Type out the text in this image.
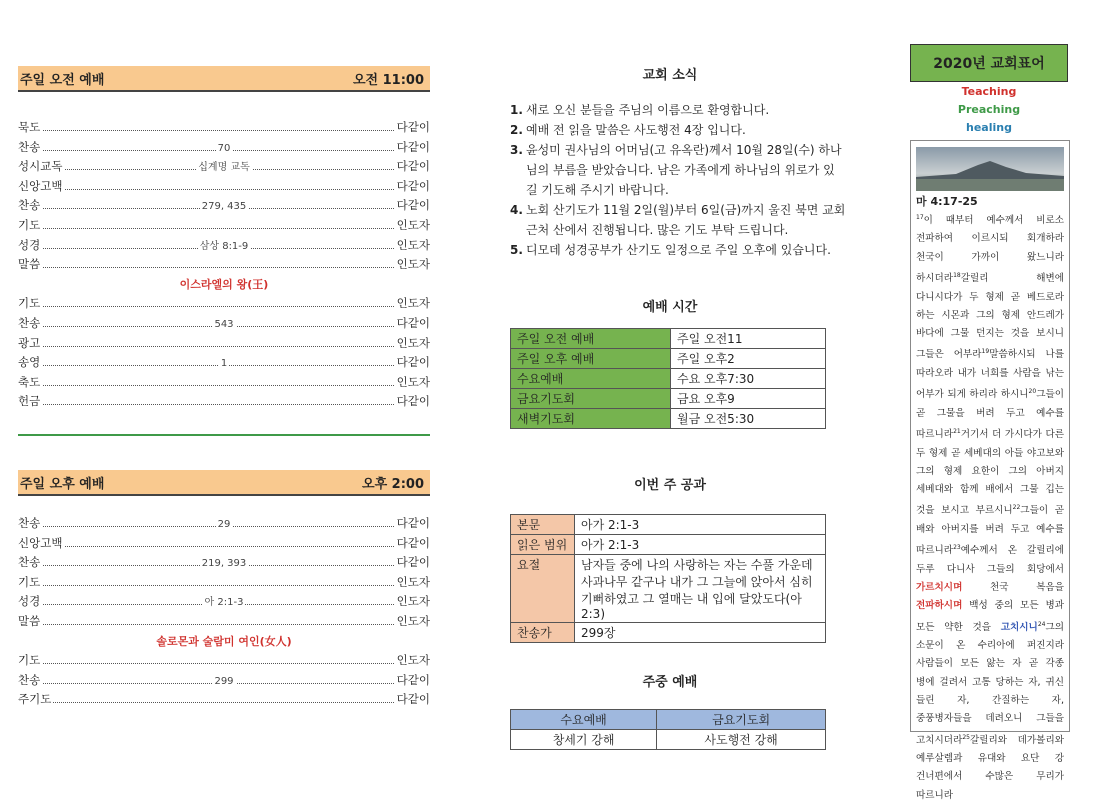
주일 오전 예배	오전 11:00
묵도	다같이
찬송	70	다같이
성시교독	십계명 교독	다같이
신앙고백	다같이
찬송	279, 435	다같이
기도	인도자
성경	삼상 8:1-9	인도자
말씀	인도자
이스라엘의 왕(王)
기도	인도자
찬송	543	다같이
광고	인도자
송영	1	다같이
축도	인도자
헌금	다같이
주일 오후 예배	오후 2:00
찬송	29	다같이
신앙고백	다같이
찬송	219, 393	다같이
기도	인도자
성경	아 2:1-3	인도자
말씀	인도자
솔로몬과 술람미 여인(女人)
기도	인도자
찬송	299	다같이
주기도	다같이
교회 소식
1. 새로 오신 분들을 주님의 이름으로 환영합니다.
2. 예배 전 읽을 말씀은 사도행전 4장 입니다.
3. 윤성미 권사님의 어머님(고 유옥란)께서 10월 28일(수) 하나님의 부름을 받았습니다. 남은 가족에게 하나님의 위로가 있길 기도해 주시기 바랍니다.
4. 노회 산기도가 11월 2일(월)부터 6일(금)까지 울진 북면 교회 근처 산에서 진행됩니다. 많은 기도 부탁 드립니다.
5. 디모데 성경공부가 산기도 일정으로 주일 오후에 있습니다.
예배 시간
주일 오전 예배	주일 오전11
주일 오후 예배	주일 오후2
수요예배	수요 오후7:30
금요기도회	금요 오후9
새벽기도회	월금 오전5:30
이번 주 공과
본문	아가 2:1-3
읽은 범위	아가 2:1-3
요절	남자들 중에 나의 사랑하는 자는 수풀 가운데 사과나무 같구나 내가 그 그늘에 앉아서 심히 기뻐하였고 그 열매는 내 입에 달았도다(아 2:3)
찬송가	299장
주중 예배
수요예배	금요기도회
창세기 강해	사도행전 강해
2020년 교회표어
Teaching
Preaching
healing
마 4:17-25
$^{17}$이 때부터 예수께서 비로소 전파하여 이르시되 회개하라 천국이 가까이 왔느니라 하시더라$^{18}$갈릴리 해변에 다니시다가 두 형제 곧 베드로라 하는 시몬과 그의 형제 안드레가 바다에 그물 던지는 것을 보시니 그들은 어부라$^{19}$말씀하시되 나를 따라오라 내가 너희를 사람을 낚는 어부가 되게 하리라 하시니$^{20}$그들이 곧 그물을 버려 두고 예수를 따르니라$^{21}$거기서 더 가시다가 다른 두 형제 곧 세베대의 아들 야고보와 그의 형제 요한이 그의 아버지 세베대와 함께 배에서 그물 깁는 것을 보시고 부르시니$^{22}$그들이 곧 배와 아버지를 버려 두고 예수를 따르니라$^{23}$예수께서 온 갈릴리에 두루 다니사 그들의 회당에서 가르치시며 천국 복음을 전파하시며 백성 중의 모든 병과 모든 약한 것을 고치시니$^{24}$그의 소문이 온 수리아에 퍼진지라 사람들이 모든 앓는 자 곧 각종 병에 걸려서 고통 당하는 자, 귀신 들린 자, 간질하는 자, 중풍병자들을 데려오니 그들을 고치시더라$^{25}$갈릴리와 데가볼리와 예루살렘과 유대와 요단 강 건너편에서 수많은 무리가 따르니라
